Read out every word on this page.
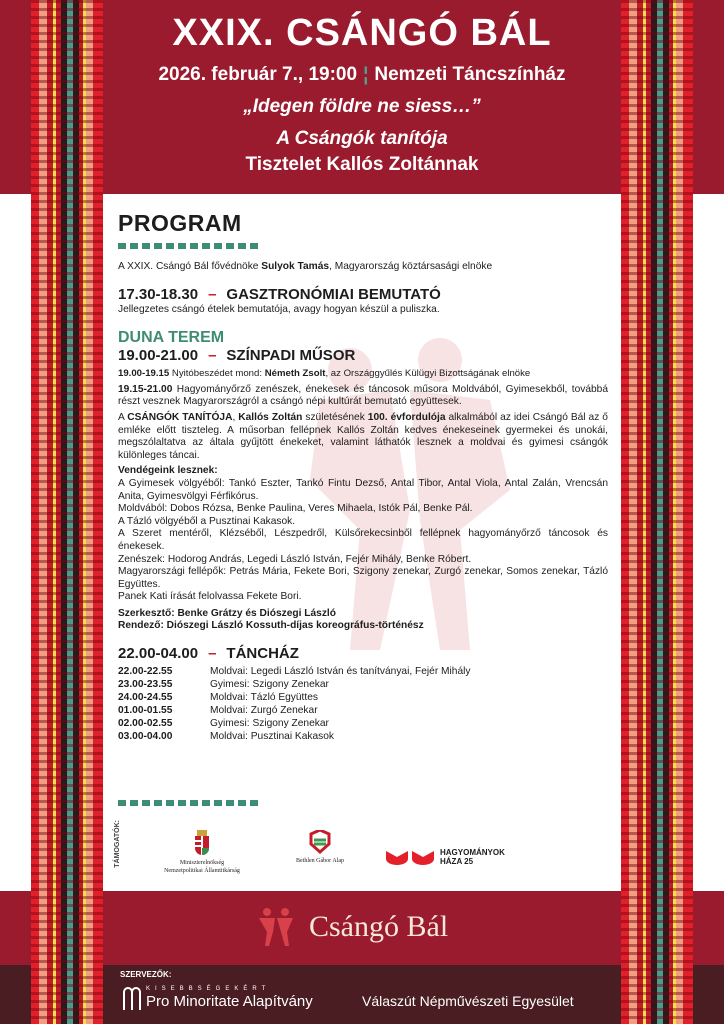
XXIX. CSÁNGÓ BÁL
2026. február 7., 19:00 ¦ Nemzeti Táncszínház
„Idegen földre ne siess…”
A Csángók tanítója
Tisztelet Kallós Zoltánnak
PROGRAM
A XXIX. Csángó Bál fővédnöke Sulyok Tamás, Magyarország köztársasági elnöke
17.30-18.30 – GASZTRONÓMIAI BEMUTATÓ
Jellegzetes csángó ételek bemutatója, avagy hogyan készül a puliszka.
DUNA TEREM
19.00-21.00 – SZÍNPADI MŰSOR

19.00-19.15 Nyitóbeszédet mond: Németh Zsolt, az Országgyűlés Külügyi Bizottságának elnöke

19.15-21.00 Hagyományőrző zenészek, énekesek és táncosok műsora Moldvából, Gyimesekből, továbbá részt vesznek Magyarországról a csángó népi kultúrát bemutató együttesek.

A CSÁNGÓK TANÍTÓJA, Kallós Zoltán születésének 100. évfordulója alkalmából az idei Csángó Bál az ő emléke előtt tiszteleg. A műsorban fellépnek Kallós Zoltán kedves énekeseinek gyermekei és unokái, megszólaltatva az általa gyűjtött énekeket, valamint láthatók lesznek a moldvai és gyimesi csángók különleges táncai.

Vendégeink lesznek:

A Gyimesek völgyéből: Tankó Eszter, Tankó Fintu Dezső, Antal Tibor, Antal Viola, Antal Zalán, Vrencsán Anita, Gyimesvölgyi Férfikórus.
Moldvából: Dobos Rózsa, Benke Paulina, Veres Mihaela, Istók Pál, Benke Pál.
A Tázló völgyéből a Pusztinai Kakasok.
A Szeret mentéről, Klézséből, Lészpedről, Külsőrekecsinből fellépnek hagyományőrző táncosok és énekesek.
Zenészek: Hodorog András, Legedi László István, Fejér Mihály, Benke Róbert.
Magyarországi fellépők: Petrás Mária, Fekete Bori, Szigony zenekar, Zurgó zenekar, Somos zenekar, Tázló Együttes.
Panek Kati írását felolvassa Fekete Bori.

Szerkesztő: Benke Grátzy és Diószegi László

Rendező: Diószegi László Kossuth-díjas koreográfus-történész
22.00-04.00 – TÁNCHÁZ
22.00-22.55	Moldvai: Legedi László István és tanítványai, Fejér Mihály
23.00-23.55	Gyimesi: Szigony Zenekar
24.00-24.55	Moldvai: Tázló Együttes
01.00-01.55	Moldvai: Zurgó Zenekar
02.00-02.55	Gyimesi: Szigony Zenekar
03.00-04.00	Moldvai: Pusztinai Kakasok
TÁMOGATÓK:	Miniszterelnökség
Nemzetpolitikai Államtitkárság
Bethlen Gábor Alap
HAGYOMÁNYOK
HÁZA 25
Csángó Bál
SZERVEZŐK:
KISEBBSÉGEKÉRT
Pro Minoritate Alapítvány	Válaszút Népművészeti Egyesület
